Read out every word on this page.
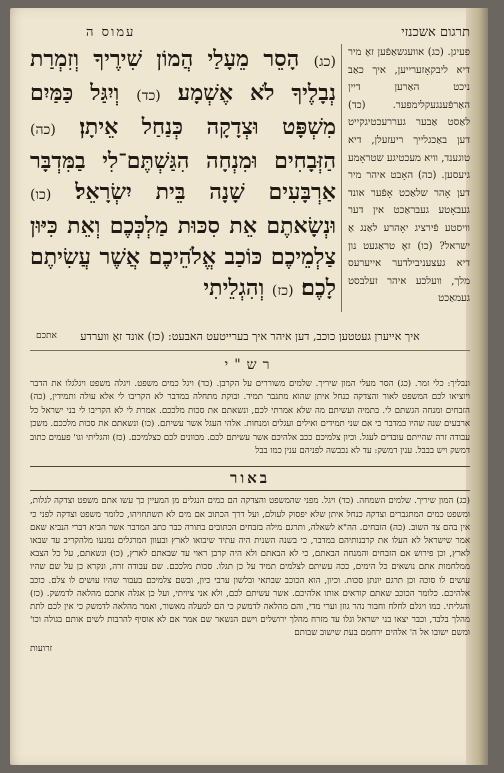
תרגום אשכנזי
עמוס ה
פעיגן. (כג) אוועגשאַפֿען זאָ מיר דיא ליבקאָזערייען, איך כאַב ניכט האַרען דיין האַרפֿענגעקלימפער. (כד) לאַסט אַבער געררעכטיגקייט דען באַכגלייך ריעזעלן, דיא טוגענד, וויא מעכטיגע שטראָמע גיעסען. (כה) האָבט איהר מיר דען אָהר שלאַכט אָפֿער אונד געבאָטע געבראַכט אין דער וויסטע פֿירציג יאָהרע לאַנג אָ ישראל? (כו) זאָ טראַגעט נון דיא געצעניבילדער אייערעס מלך, וועלכע איהר זעלבסט געמאַכט
(כג) הָסֵר מֵעָלַי הֲמוֹן שִׁירֶיךָ וְזִמְרַת נְבָלֶיךָ לֹא אֶשְׁמָע׃ (כד) וְיִגַּל כַּמַּיִם מִשְׁפָּט וּצְדָקָה כְּנַחַל אֵיתָן׃ (כה) הַזְּבָחִים וּמִנְחָה הִגַּשְׁתֶּם־לִי בַמִּדְבָּר אַרְבָּעִים שָׁנָה בֵּית יִשְׂרָאֵל׃ (כו) וּנְשָׂאתֶם אֵת סִכּוּת מַלְכְּכֶם וְאֵת כִּיּוּן צַלְמֵיכֶם כּוֹכַב אֱלֹהֵיכֶם אֲשֶׁר עֲשִׂיתֶם לָכֶם׃ (כז) וְהִגְלֵיתִי
אתכם	איך אייערן געטטען כוכב, דען איהר איך בערייטעט האבעט: (כז) אונד זאָ ווערדע
רש"י
ונבליך: כלי זמר. (כג) הסר מעלי המון שיריך. שלמים משוררים על הקרבן. (כד) ויגל כמים משפט. ויגלה משפט ויגלגלו את הדבר ויוציאו לכם המשפט לאור והצדקה כנחל איתן שהוא מתגבר תמיד. ובוקת מתחלה במדבר לא הקריבו לי אלא עולה ותמידין, (כה) הזבחים ומנחה הגשתם לי. בתמיה ועשיתם מה שלא אמרתי לכם, ונשאתם את סכות מלככם. אמרת לי לא הקריבו לי בני ישראל כל ארבעים שנה שהיו במדבר כי אם שני תמידים ואילים ועגלים ומנחות. אלהי העגל אשר עשיתם. (כו) ונשאתם את סכות מלככם. משכן עבודה זרה שהייתם עובדים לעגל. וכיון צלמיכם ככב אלהיכם אשר עשיתם לכם. מכוונים לכם כצלמיכם. (כז) והגליתי וגו' פעמים כתוב דמשק ויש בבבל. ענין דמשק: עד לא נכבשה לפניהם ענין כמו בבל
באור
(כג) המון שיריך. שלמים השמחה. (כד) ויגל. מפני שהמשפט והצדקה הם כמים הנגלים מן המעיין כך עשו אתם משפט וצדקה לגלות, ומשפט כמים המתגברים וצדקה כנחל איתן שלא יפסוק לעולם, ועל דרך הכתוב אם מים לא תשתחויהו, כלומר משפט וצדקה לפני כי אין בהם צד השוב. (כה) הזבחים. הה"א לשאלה, ותרגם מילה בזבחים הכתובים בתורה כבר כתב המדבר אשר הביא דברי הנביא שאם אמר שישראל לא העלו את קרבנותיהם במדבר, כי בשנה השנית היה עתיד שיבואו לארץ ובעוון המרגלים נמנעו מלהקריב עד שבאו לארץ, וכן פירוש אם הזבחים והמנחה הבאתם, כי לא הבאתם ולא היה קרבן ראוי עד שבאתם לארץ, (כו) ונשאתם, על כל הצבא ממלחמות אתם נושאים כל הימים, ככה עשיתם לצלמים תמיד על כן תגלו. סכות מלככם. שם עבודה זרה, ונקרא כן על שם שהיו עושים לו סוכה וכן תרגם יונתן סכות. וכיון, הוא הכוכב שבתאי ובלשון ערבי כיון, ובשם צלמיכם בעבור שהיו עושים לו צלם. כוכב אלהיכם. כלומר הכוכב שאתם קוראים אותו אלהיכם. אשר עשיתם לכם, ולא אני ציויתי, ועל כן אגלה אתכם מהלאה לדמשק. (כז) והגליתי. כמו ויגלם לחלח וחבור נהר גוזן וערי מדי, והם מהלאה לדמשק כי הם למעלה מאשור, ואמר מהלאה לדמשק כי אין לכם לתת מהלך בלבד, וכבר יצאו בני ישראל וגלו עד מזרח מהלך ירושלים וישם הנשאר שם אמר אם לא אוסיף להרבות לשים אותם בגולה וכו' ומשם ישובו אל ה' אלהים ירחמם בעת שישוב שבותם
זרועות
